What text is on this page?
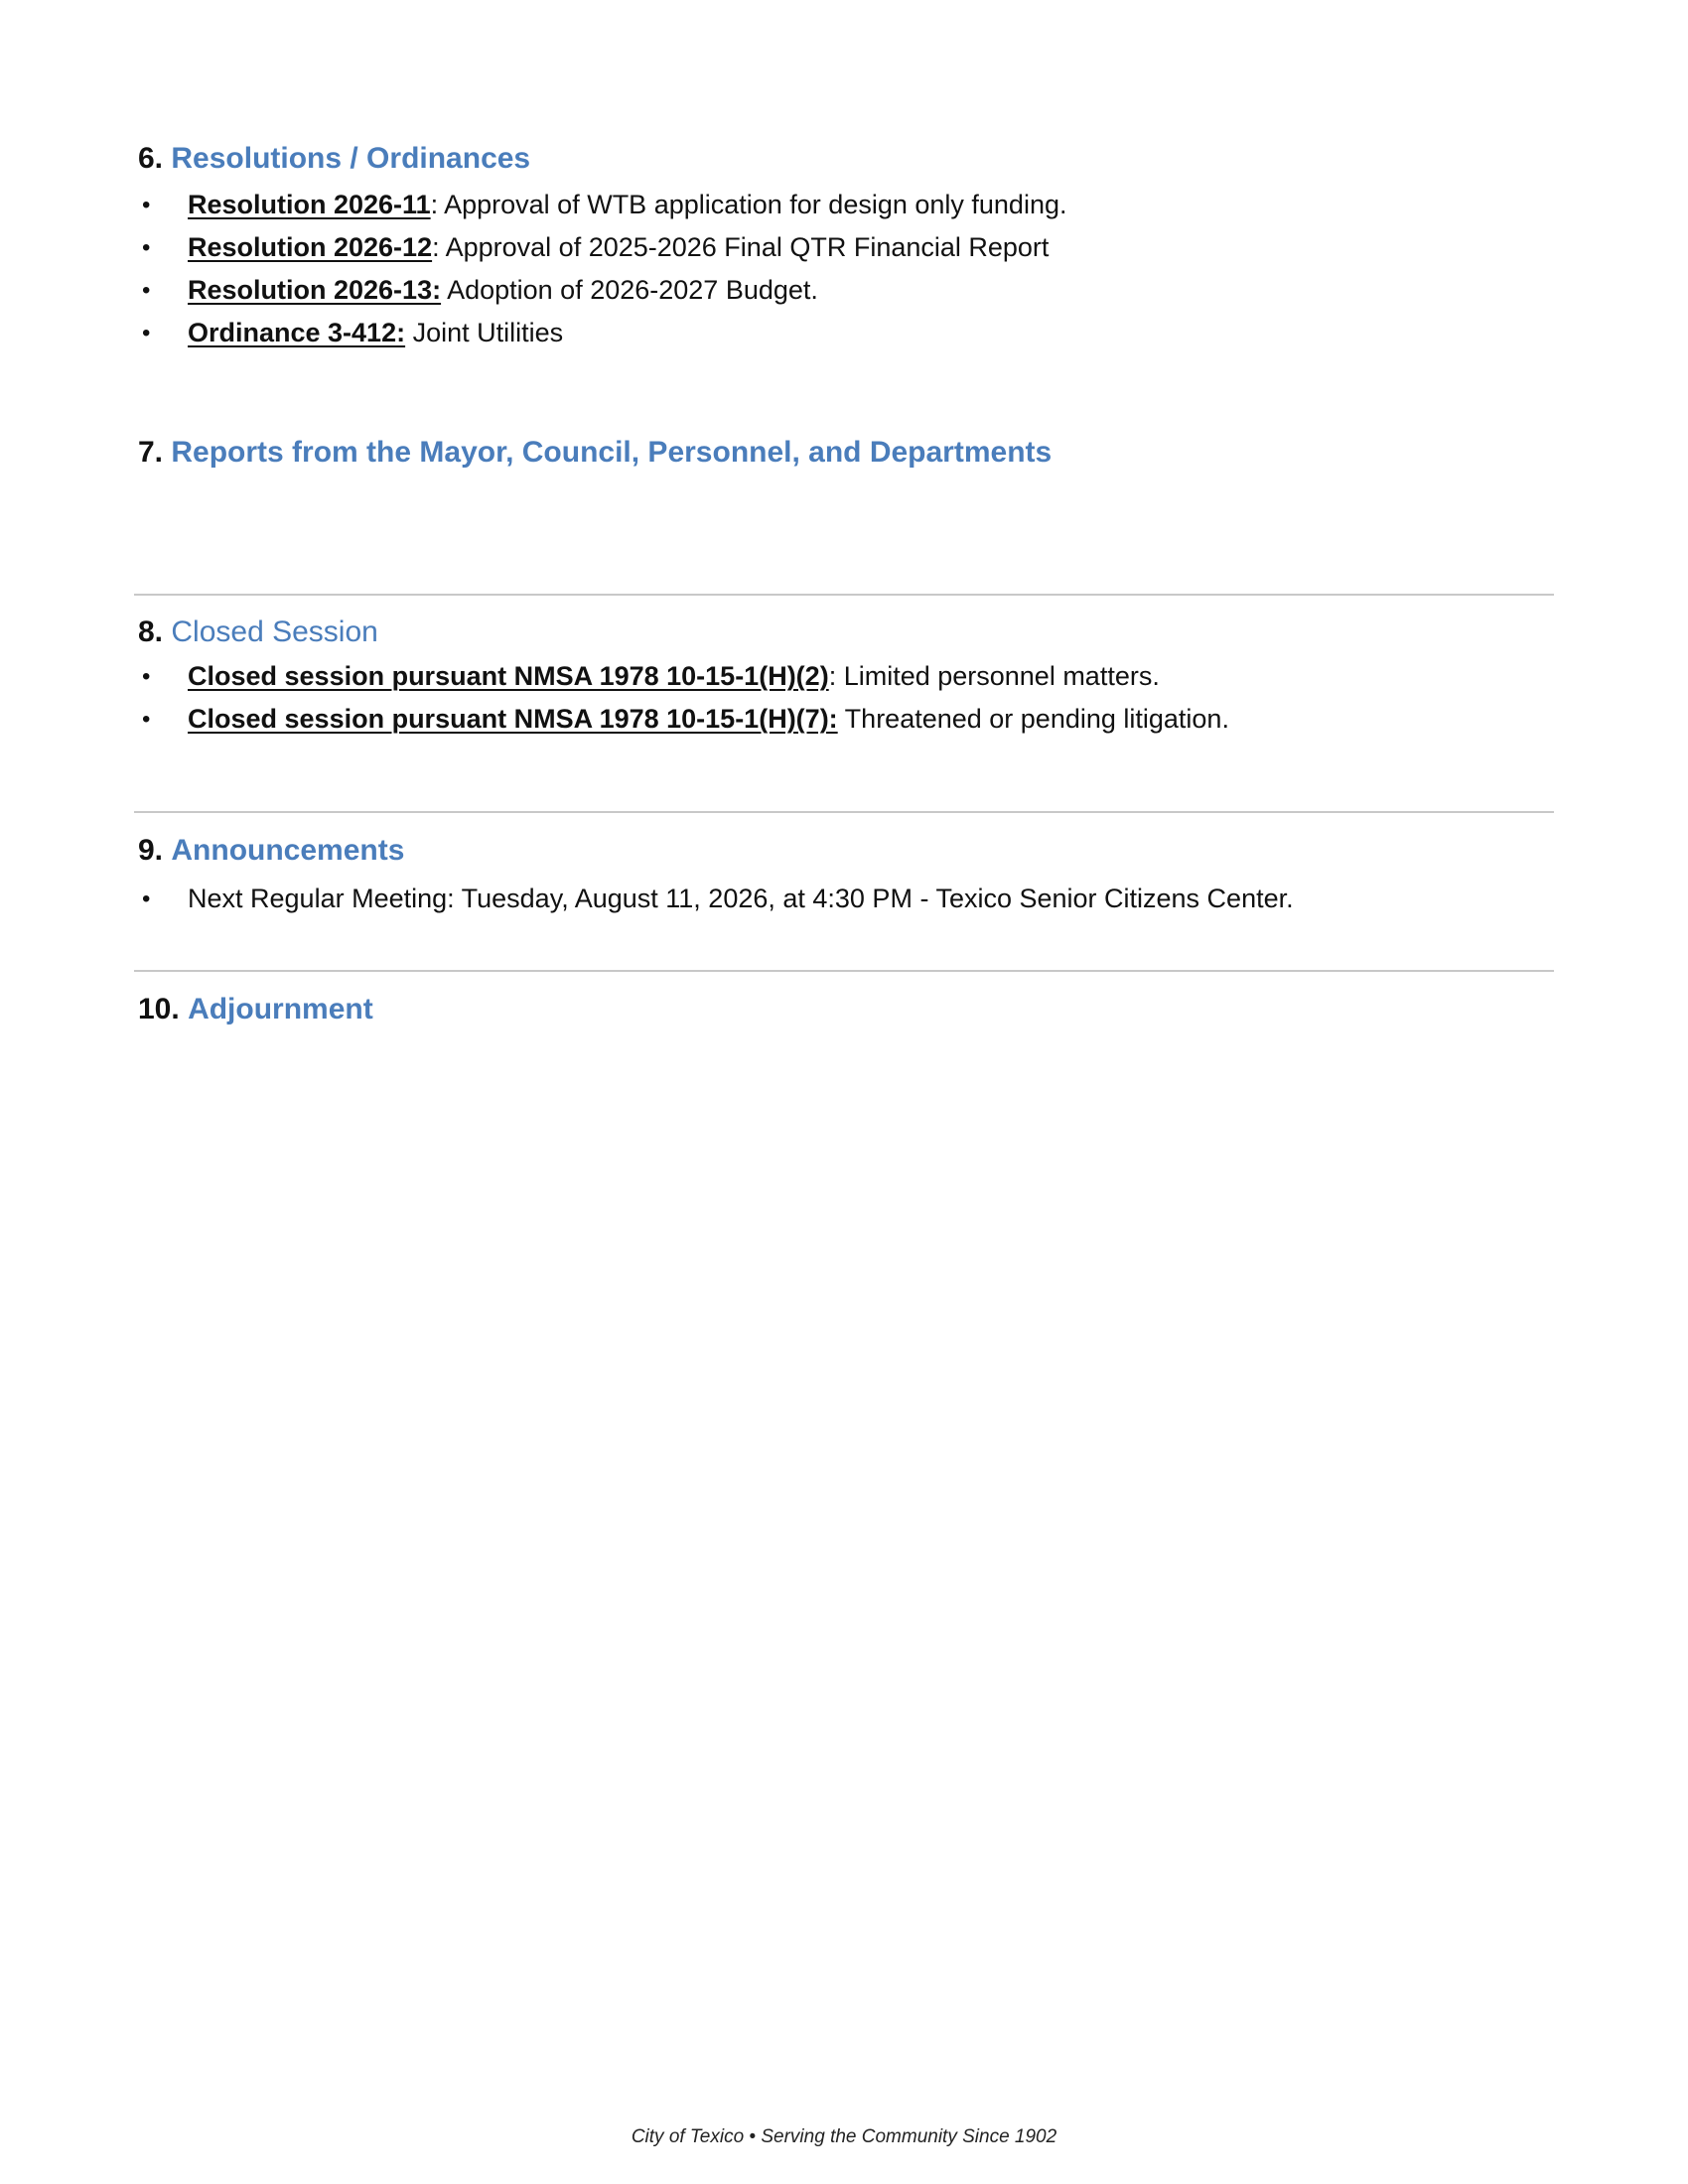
6. Resolutions / Ordinances
• Resolution 2026-11: Approval of WTB application for design only funding.
• Resolution 2026-12: Approval of 2025-2026 Final QTR Financial Report
• Resolution 2026-13: Adoption of 2026-2027 Budget.
• Ordinance 3-412: Joint Utilities
7. Reports from the Mayor, Council, Personnel, and Departments
8. Closed Session
• Closed session pursuant NMSA 1978 10-15-1(H)(2): Limited personnel matters.
• Closed session pursuant NMSA 1978 10-15-1(H)(7): Threatened or pending litigation.
9. Announcements
• Next Regular Meeting: Tuesday, August 11, 2026, at 4:30 PM - Texico Senior Citizens Center.
10. Adjournment
City of Texico • Serving the Community Since 1902
